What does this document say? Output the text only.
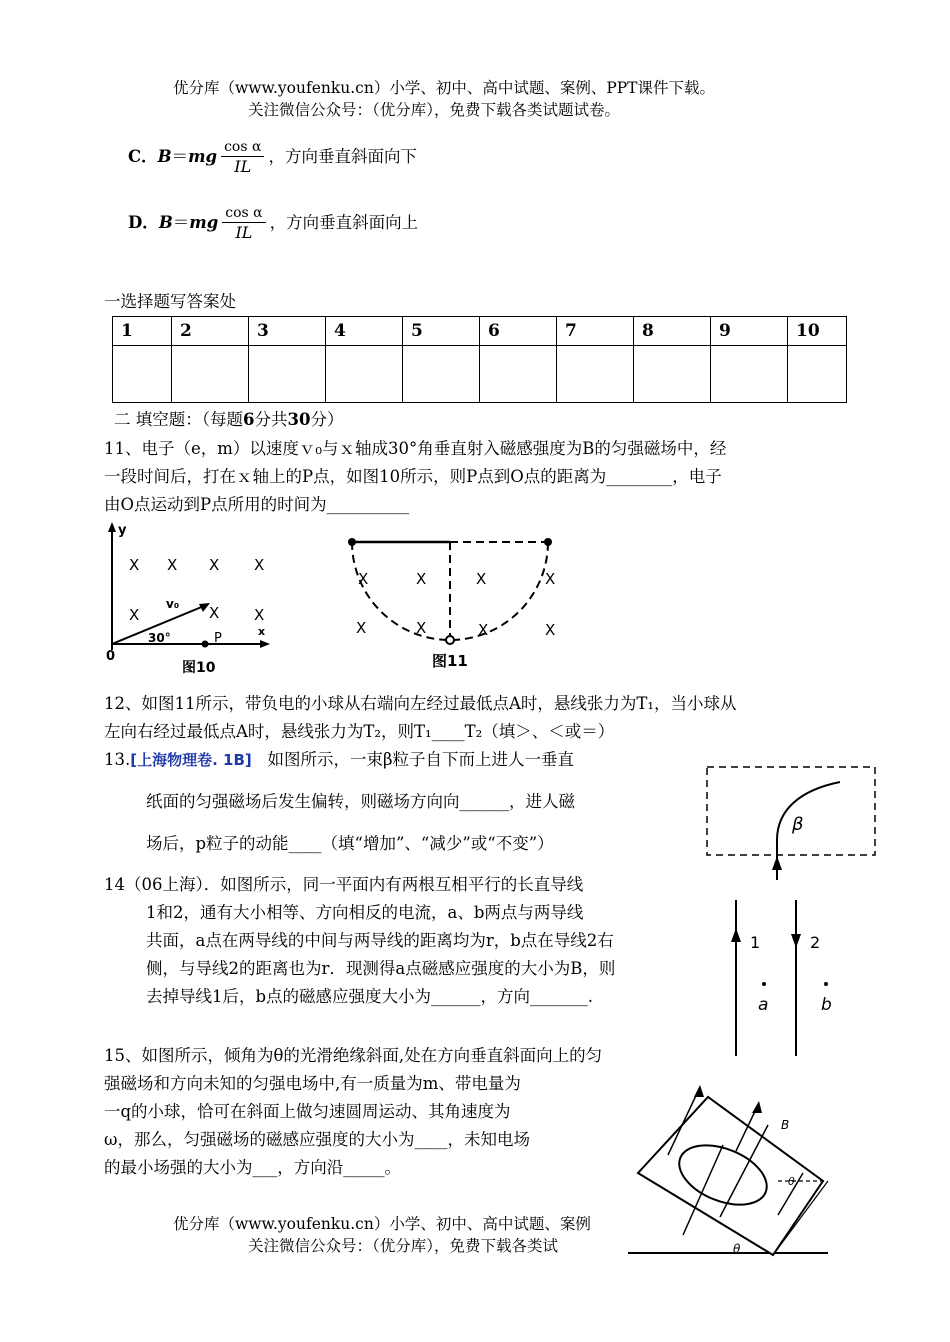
优分库（www.youfenku.cn）小学、初中、高中试题、案例、PPT课件下载。
关注微信公众号：（优分库），免费下载各类试题试卷。
C．$B=mg \frac{\text{cos α}}{IL}$ ，方向垂直斜面向下
D．$B=mg \frac{\text{cos α}}{IL}$ ，方向垂直斜面向上
一选择题写答案处
1	2	3	4	5	6	7	8	9	10

二 填空题：（每题6分共30分）
11、电子（e，m）以速度ｖ₀与ｘ轴成30°角垂直射入磁感强度为B的匀强磁场中，经
一段时间后，打在ｘ轴上的P点，如图10所示，则P点到O点的距离为________，电子
由O点运动到P点所用的时间为__________
y
x
v₀
30°	P
0
图10
X X X X
X	X X
X	X	X	X
X	X	X	X
图11
12、如图11所示，带负电的小球从右端向左经过最低点A时，悬线张力为T₁，当小球从
左向右经过最低点A时，悬线张力为T₂，则T₁____T₂（填＞、＜或＝）
13.[上海物理卷. 1B] 如图所示，一束β粒子自下而上进人一垂直
纸面的匀强磁场后发生偏转，则磁场方向向______，进人磁
场后，p粒子的动能____（填“增加”、“减少”或“不变”）
β
14（06上海）．如图所示，同一平面内有两根互相平行的长直导线
1和2，通有大小相等、方向相反的电流，a、b两点与两导线
共面，a点在两导线的中间与两导线的距离均为r，b点在导线2右
侧，与导线2的距离也为r．现测得a点磁感应强度的大小为B，则
去掉导线1后，b点的磁感应强度大小为______，方向_______.
1	2
a	b
15、如图所示，倾角为θ的光滑绝缘斜面,处在方向垂直斜面向上的匀
强磁场和方向未知的匀强电场中,有一质量为m、带电量为
一q的小球，恰可在斜面上做匀速圆周运动、其角速度为
ω，那么，匀强磁场的磁感应强度的大小为____，未知电场
的最小场强的大小为___，方向沿_____。
B
θ
θ
优分库（www.youfenku.cn）小学、初中、高中试题、案例
关注微信公众号：（优分库），免费下载各类试
